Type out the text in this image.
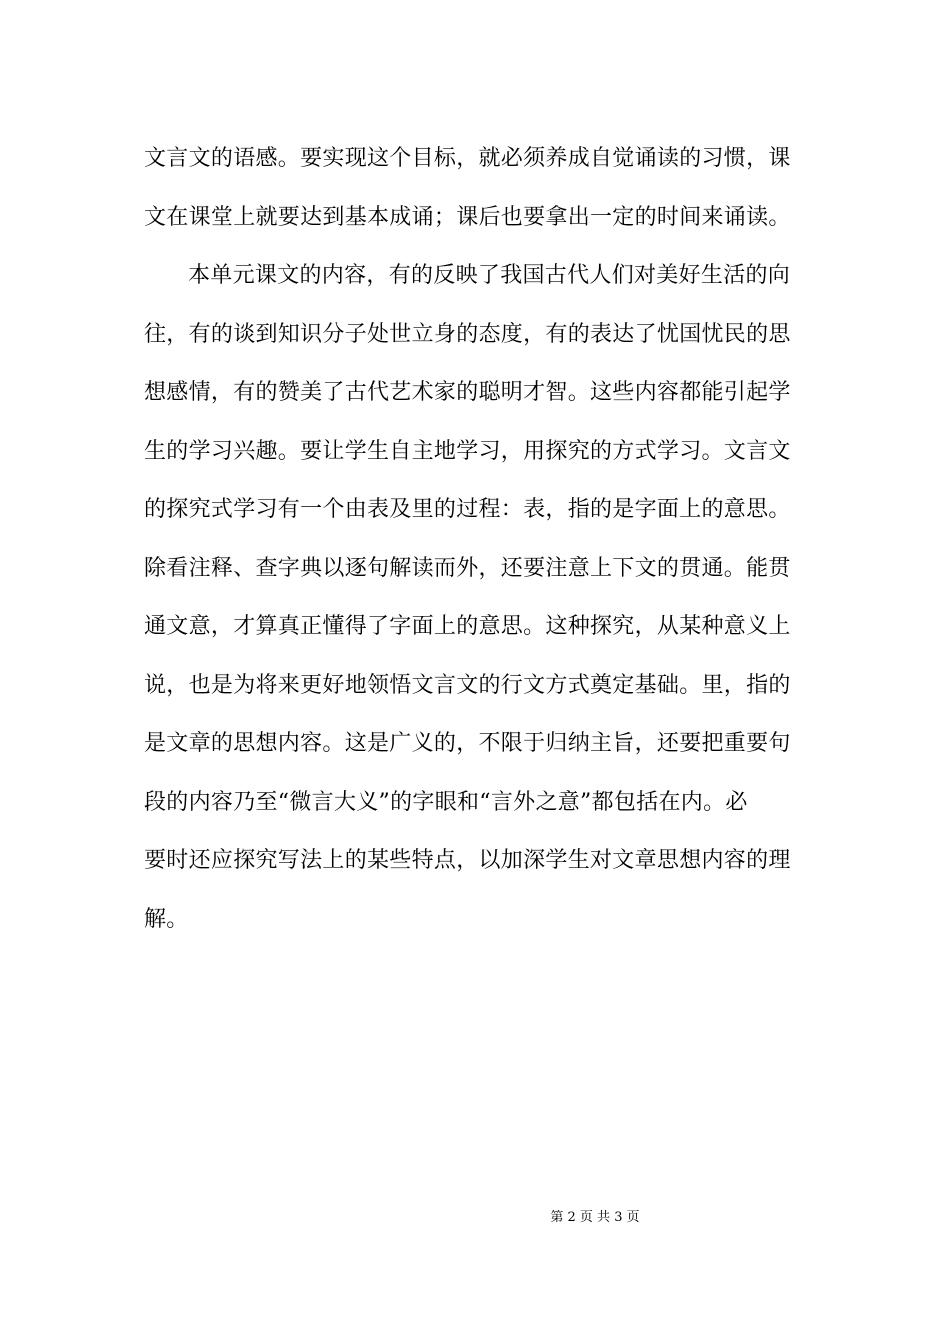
文言文的语感。要实现这个目标，就必须养成自觉诵读的习惯，课
文在课堂上就要达到基本成诵；课后也要拿出一定的时间来诵读。
本单元课文的内容，有的反映了我国古代人们对美好生活的向
往，有的谈到知识分子处世立身的态度，有的表达了忧国忧民的思
想感情，有的赞美了古代艺术家的聪明才智。这些内容都能引起学
生的学习兴趣。要让学生自主地学习，用探究的方式学习。文言文
的探究式学习有一个由表及里的过程：表，指的是字面上的意思。
除看注释、查字典以逐句解读而外，还要注意上下文的贯通。能贯
通文意，才算真正懂得了字面上的意思。这种探究，从某种意义上
说，也是为将来更好地领悟文言文的行文方式奠定基础。里，指的
是文章的思想内容。这是广义的，不限于归纳主旨，还要把重要句
段的内容乃至“微言大义”的字眼和“言外之意”都包括在内。必
要时还应探究写法上的某些特点，以加深学生对文章思想内容的理
解。
第 2 页 共 3 页
